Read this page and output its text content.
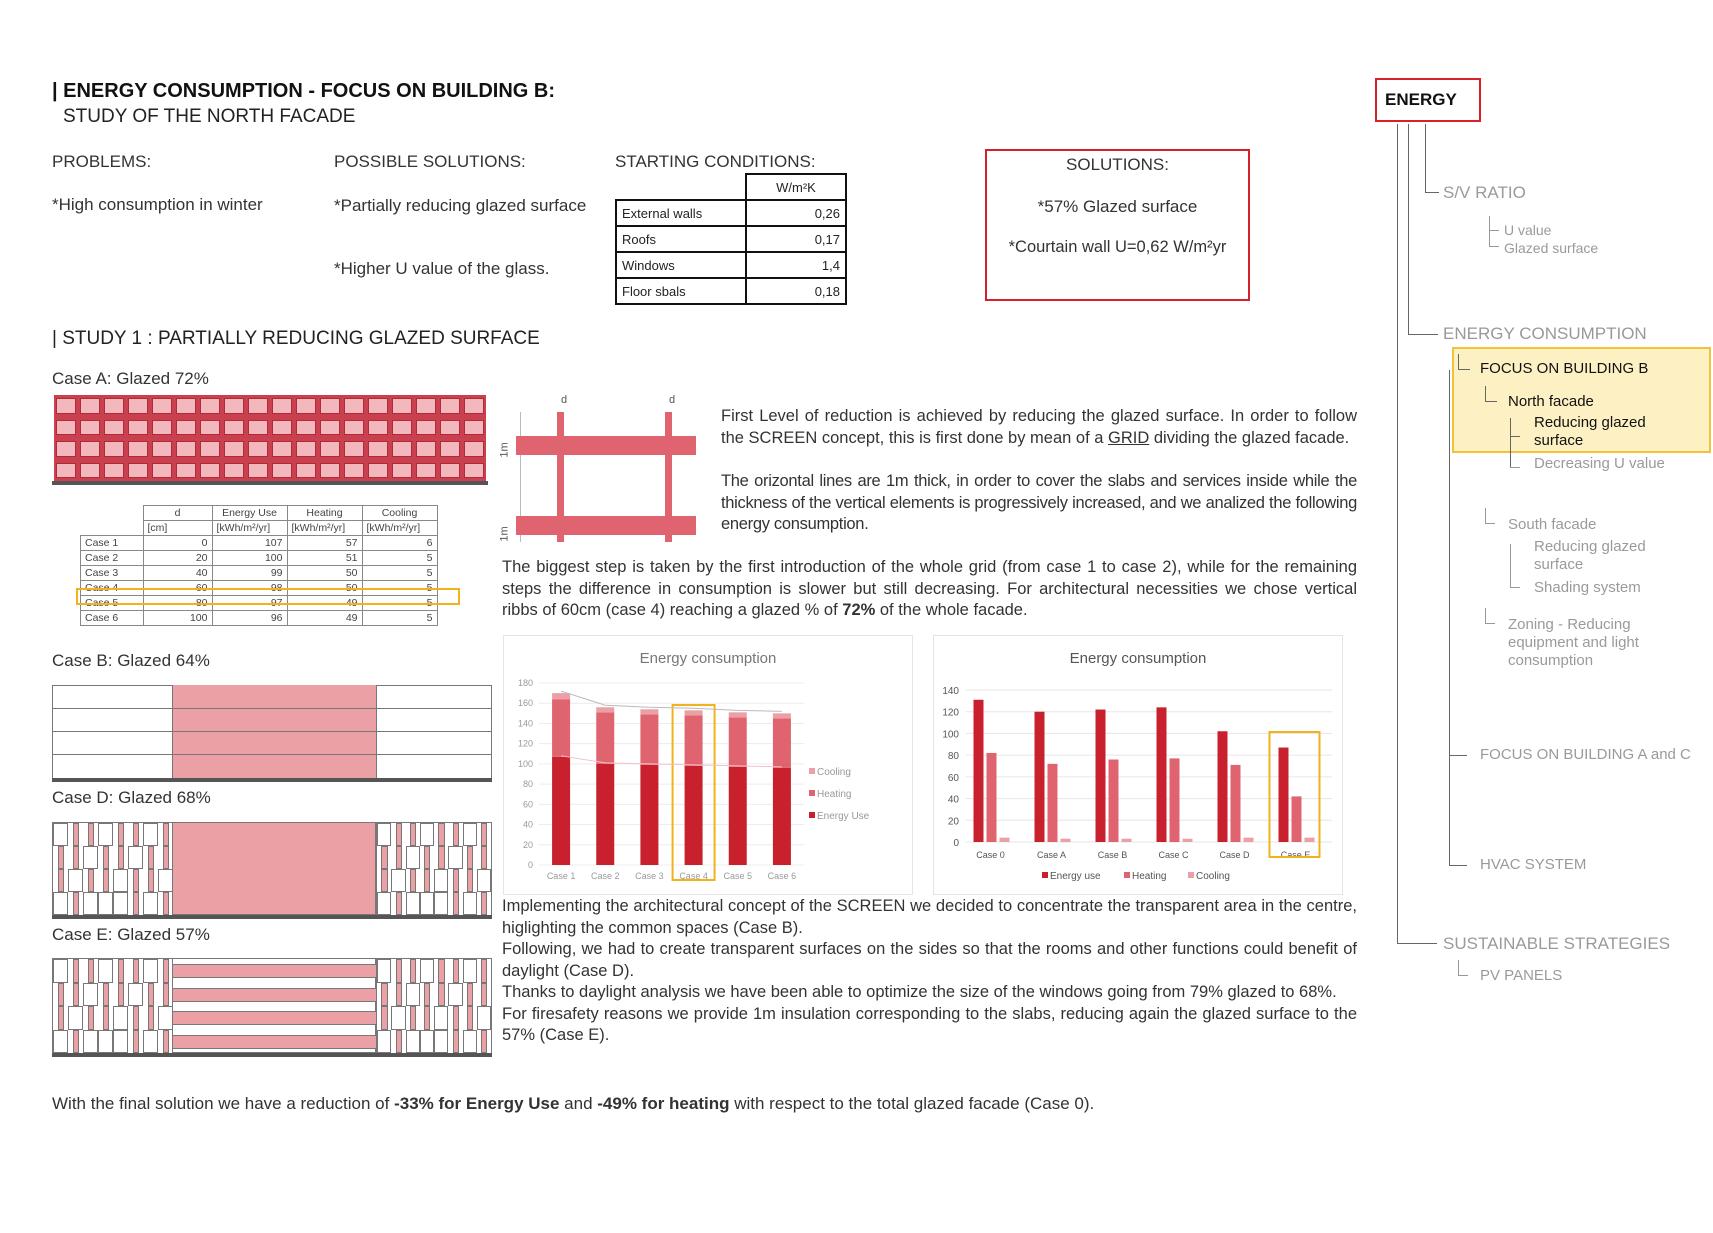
| ENERGY CONSUMPTION - FOCUS ON BUILDING B:
STUDY OF THE NORTH FACADE
PROBLEMS:
*High consumption in winter
POSSIBLE SOLUTIONS:
*Partially reducing glazed surface
*Higher U value of the glass.
STARTING CONDITIONS:
	W/m²K
External walls	0,26
Roofs	0,17
Windows	1,4
Floor sbals	0,18
SOLUTIONS:
*57% Glazed surface
*Courtain wall U=0,62 W/m²yr
| STUDY 1 : PARTIALLY REDUCING GLAZED SURFACE
Case A: Glazed 72%
	d	Energy Use	Heating	Cooling
	[cm]	[kWh/m²/yr]	[kWh/m²/yr]	[kWh/m²/yr]
Case 1	0	107	57	6
Case 2	20	100	51	5
Case 3	40	99	50	5
Case 4	60	98	50	5
Case 5	80	97	49	5
Case 6	100	96	49	5
d	d
1m
1m
First Level of reduction is achieved by reducing the glazed surface. In order to follow the SCREEN concept, this is first done by mean of a GRID dividing the glazed facade.
The orizontal lines are 1m thick, in order to cover the slabs and services inside while the thickness of the vertical elements is progressively increased, and we analized the following energy consumption.
The biggest step is taken by the first introduction of the whole grid (from case 1 to case 2), while for the remaining steps the difference in consumption is slower but still decreasing. For architectural necessities we chose vertical ribbs of 60cm (case 4) reaching a glazed % of 72% of the whole facade.
Energy consumption
0
20
40
60
80
100
120
140
160
180
Case 1 Case 2 Case 3 Case 4 Case 5 Case 6
Cooling
Heating
Energy Use
Energy consumption
0
20
40
60
80
100
120
140
Case 0	Case A	Case B	Case C	Case D	Case E
Energy use	Heating	Cooling
Case B: Glazed 64%
Case D: Glazed 68%
Case E: Glazed 57%
Implementing the architectural concept of the SCREEN we decided to concentrate the transparent area in the centre, higlighting the common spaces (Case B).
Following, we had to create transparent surfaces on the sides so that the rooms and other functions could benefit of daylight (Case D).
Thanks to daylight analysis we have been able to optimize the size of the windows going from 79% glazed to 68%.
For firesafety reasons we provide 1m insulation corresponding to the slabs, reducing again the glazed surface to the 57% (Case E).
With the final solution we have a reduction of -33% for Energy Use and -49% for heating with respect to the total glazed facade (Case 0).
ENERGY
S/V RATIO
U value
Glazed surface
ENERGY CONSUMPTION
FOCUS ON BUILDING B
North facade
Reducing glazed surface
Decreasing U value
South facade
Reducing glazed surface
Shading system
Zoning - Reducing equipment and light consumption
FOCUS ON BUILDING A and C
HVAC SYSTEM
SUSTAINABLE STRATEGIES
PV PANELS
